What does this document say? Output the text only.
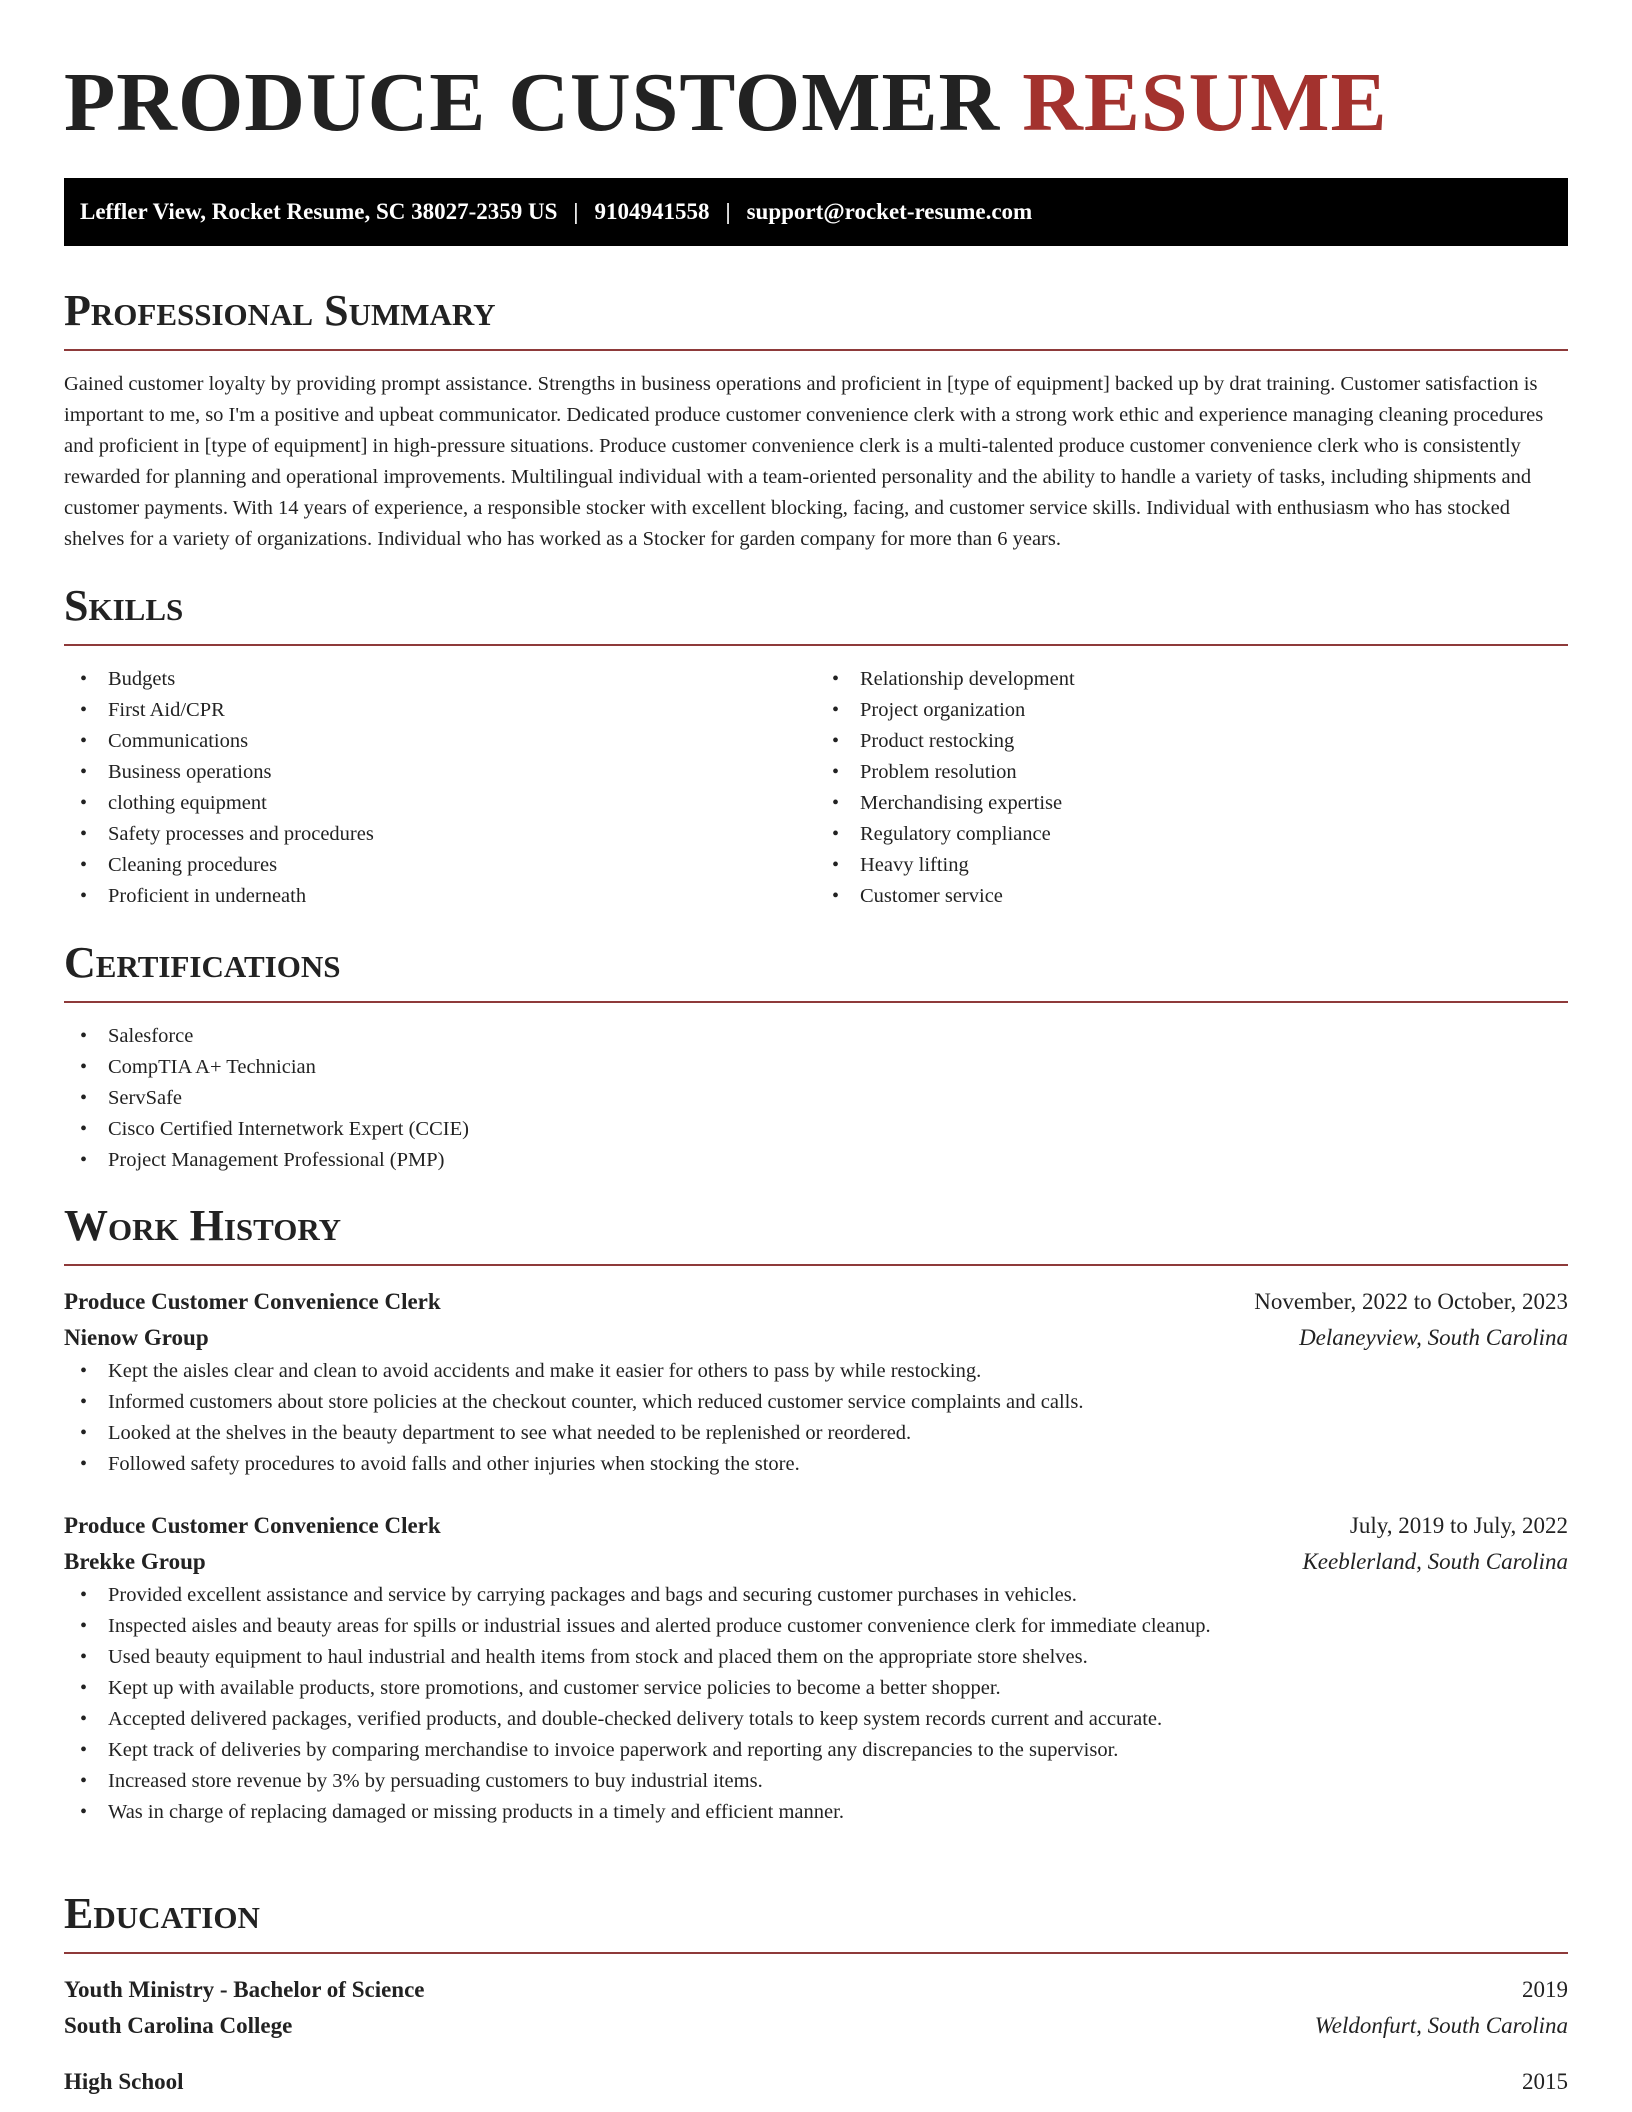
PRODUCE CUSTOMER RESUME
Leffler View, Rocket Resume, SC 38027-2359 US | 9104941558 | support@rocket-resume.com
Professional Summary

Gained customer loyalty by providing prompt assistance. Strengths in business operations and proficient in [type of equipment] backed up by drat training. Customer satisfaction is important to me, so I'm a positive and upbeat communicator. Dedicated produce customer convenience clerk with a strong work ethic and experience managing cleaning procedures and proficient in [type of equipment] in high-pressure situations. Produce customer convenience clerk is a multi-talented produce customer convenience clerk who is consistently rewarded for planning and operational improvements. Multilingual individual with a team-oriented personality and the ability to handle a variety of tasks, including shipments and customer payments. With 14 years of experience, a responsible stocker with excellent blocking, facing, and customer service skills. Individual with enthusiasm who has stocked shelves for a variety of organizations. Individual who has worked as a Stocker for garden company for more than 6 years.

Skills
• Budgets
• First Aid/CPR
• Communications
• Business operations
• clothing equipment
• Safety processes and procedures
• Cleaning procedures
• Proficient in underneath
• Relationship development
• Project organization
• Product restocking
• Problem resolution
• Merchandising expertise
• Regulatory compliance
• Heavy lifting
• Customer service
Certifications
• Salesforce
• CompTIA A+ Technician
• ServSafe
• Cisco Certified Internetwork Expert (CCIE)
• Project Management Professional (PMP)
Work History
Produce Customer Convenience Clerk	November, 2022 to October, 2023
Nienow Group	Delaneyview, South Carolina
• Kept the aisles clear and clean to avoid accidents and make it easier for others to pass by while restocking.
• Informed customers about store policies at the checkout counter, which reduced customer service complaints and calls.
• Looked at the shelves in the beauty department to see what needed to be replenished or reordered.
• Followed safety procedures to avoid falls and other injuries when stocking the store.
Produce Customer Convenience Clerk	July, 2019 to July, 2022
Brekke Group	Keeblerland, South Carolina
• Provided excellent assistance and service by carrying packages and bags and securing customer purchases in vehicles.
• Inspected aisles and beauty areas for spills or industrial issues and alerted produce customer convenience clerk for immediate cleanup.
• Used beauty equipment to haul industrial and health items from stock and placed them on the appropriate store shelves.
• Kept up with available products, store promotions, and customer service policies to become a better shopper.
• Accepted delivered packages, verified products, and double-checked delivery totals to keep system records current and accurate.
• Kept track of deliveries by comparing merchandise to invoice paperwork and reporting any discrepancies to the supervisor.
• Increased store revenue by 3% by persuading customers to buy industrial items.
• Was in charge of replacing damaged or missing products in a timely and efficient manner.
Education
Youth Ministry - Bachelor of Science	2019
South Carolina College	Weldonfurt, South Carolina
High School	2015
